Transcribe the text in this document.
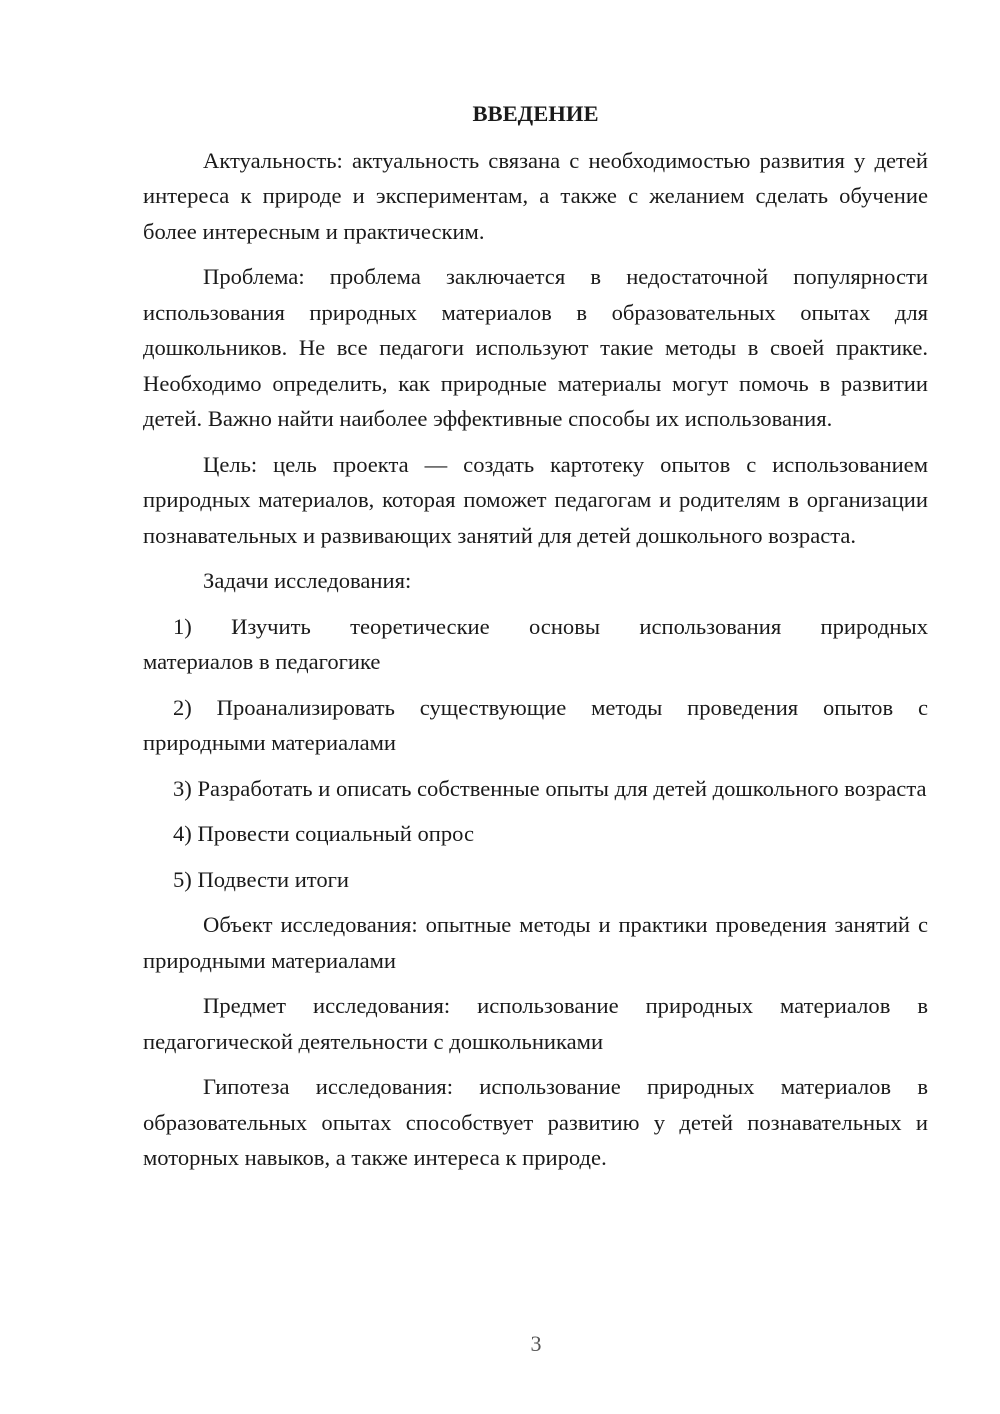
ВВЕДЕНИЕ

Актуальность: актуальность связана с необходимостью развития у детей интереса к природе и экспериментам, а также с желанием сделать обучение более интересным и практическим.

Проблема: проблема заключается в недостаточной популярности использования природных материалов в образовательных опытах для дошкольников. Не все педагоги используют такие методы в своей практике. Необходимо определить, как природные материалы могут помочь в развитии детей. Важно найти наиболее эффективные способы их использования.

Цель: цель проекта — создать картотеку опытов с использованием природных материалов, которая поможет педагогам и родителям в организации познавательных и развивающих занятий для детей дошкольного возраста.

Задачи исследования:

1) Изучить теоретические основы использования природных
материалов в педагогике

2) Проанализировать существующие методы проведения опытов с природными материалами

3) Разработать и описать собственные опыты для детей дошкольного возраста

4) Провести социальный опрос

5) Подвести итоги

Объект исследования: опытные методы и практики проведения занятий с природными материалами

Предмет исследования: использование природных материалов в педагогической деятельности с дошкольниками

Гипотеза исследования: использование природных материалов в образовательных опытах способствует развитию у детей познавательных и моторных навыков, а также интереса к природе.

3
